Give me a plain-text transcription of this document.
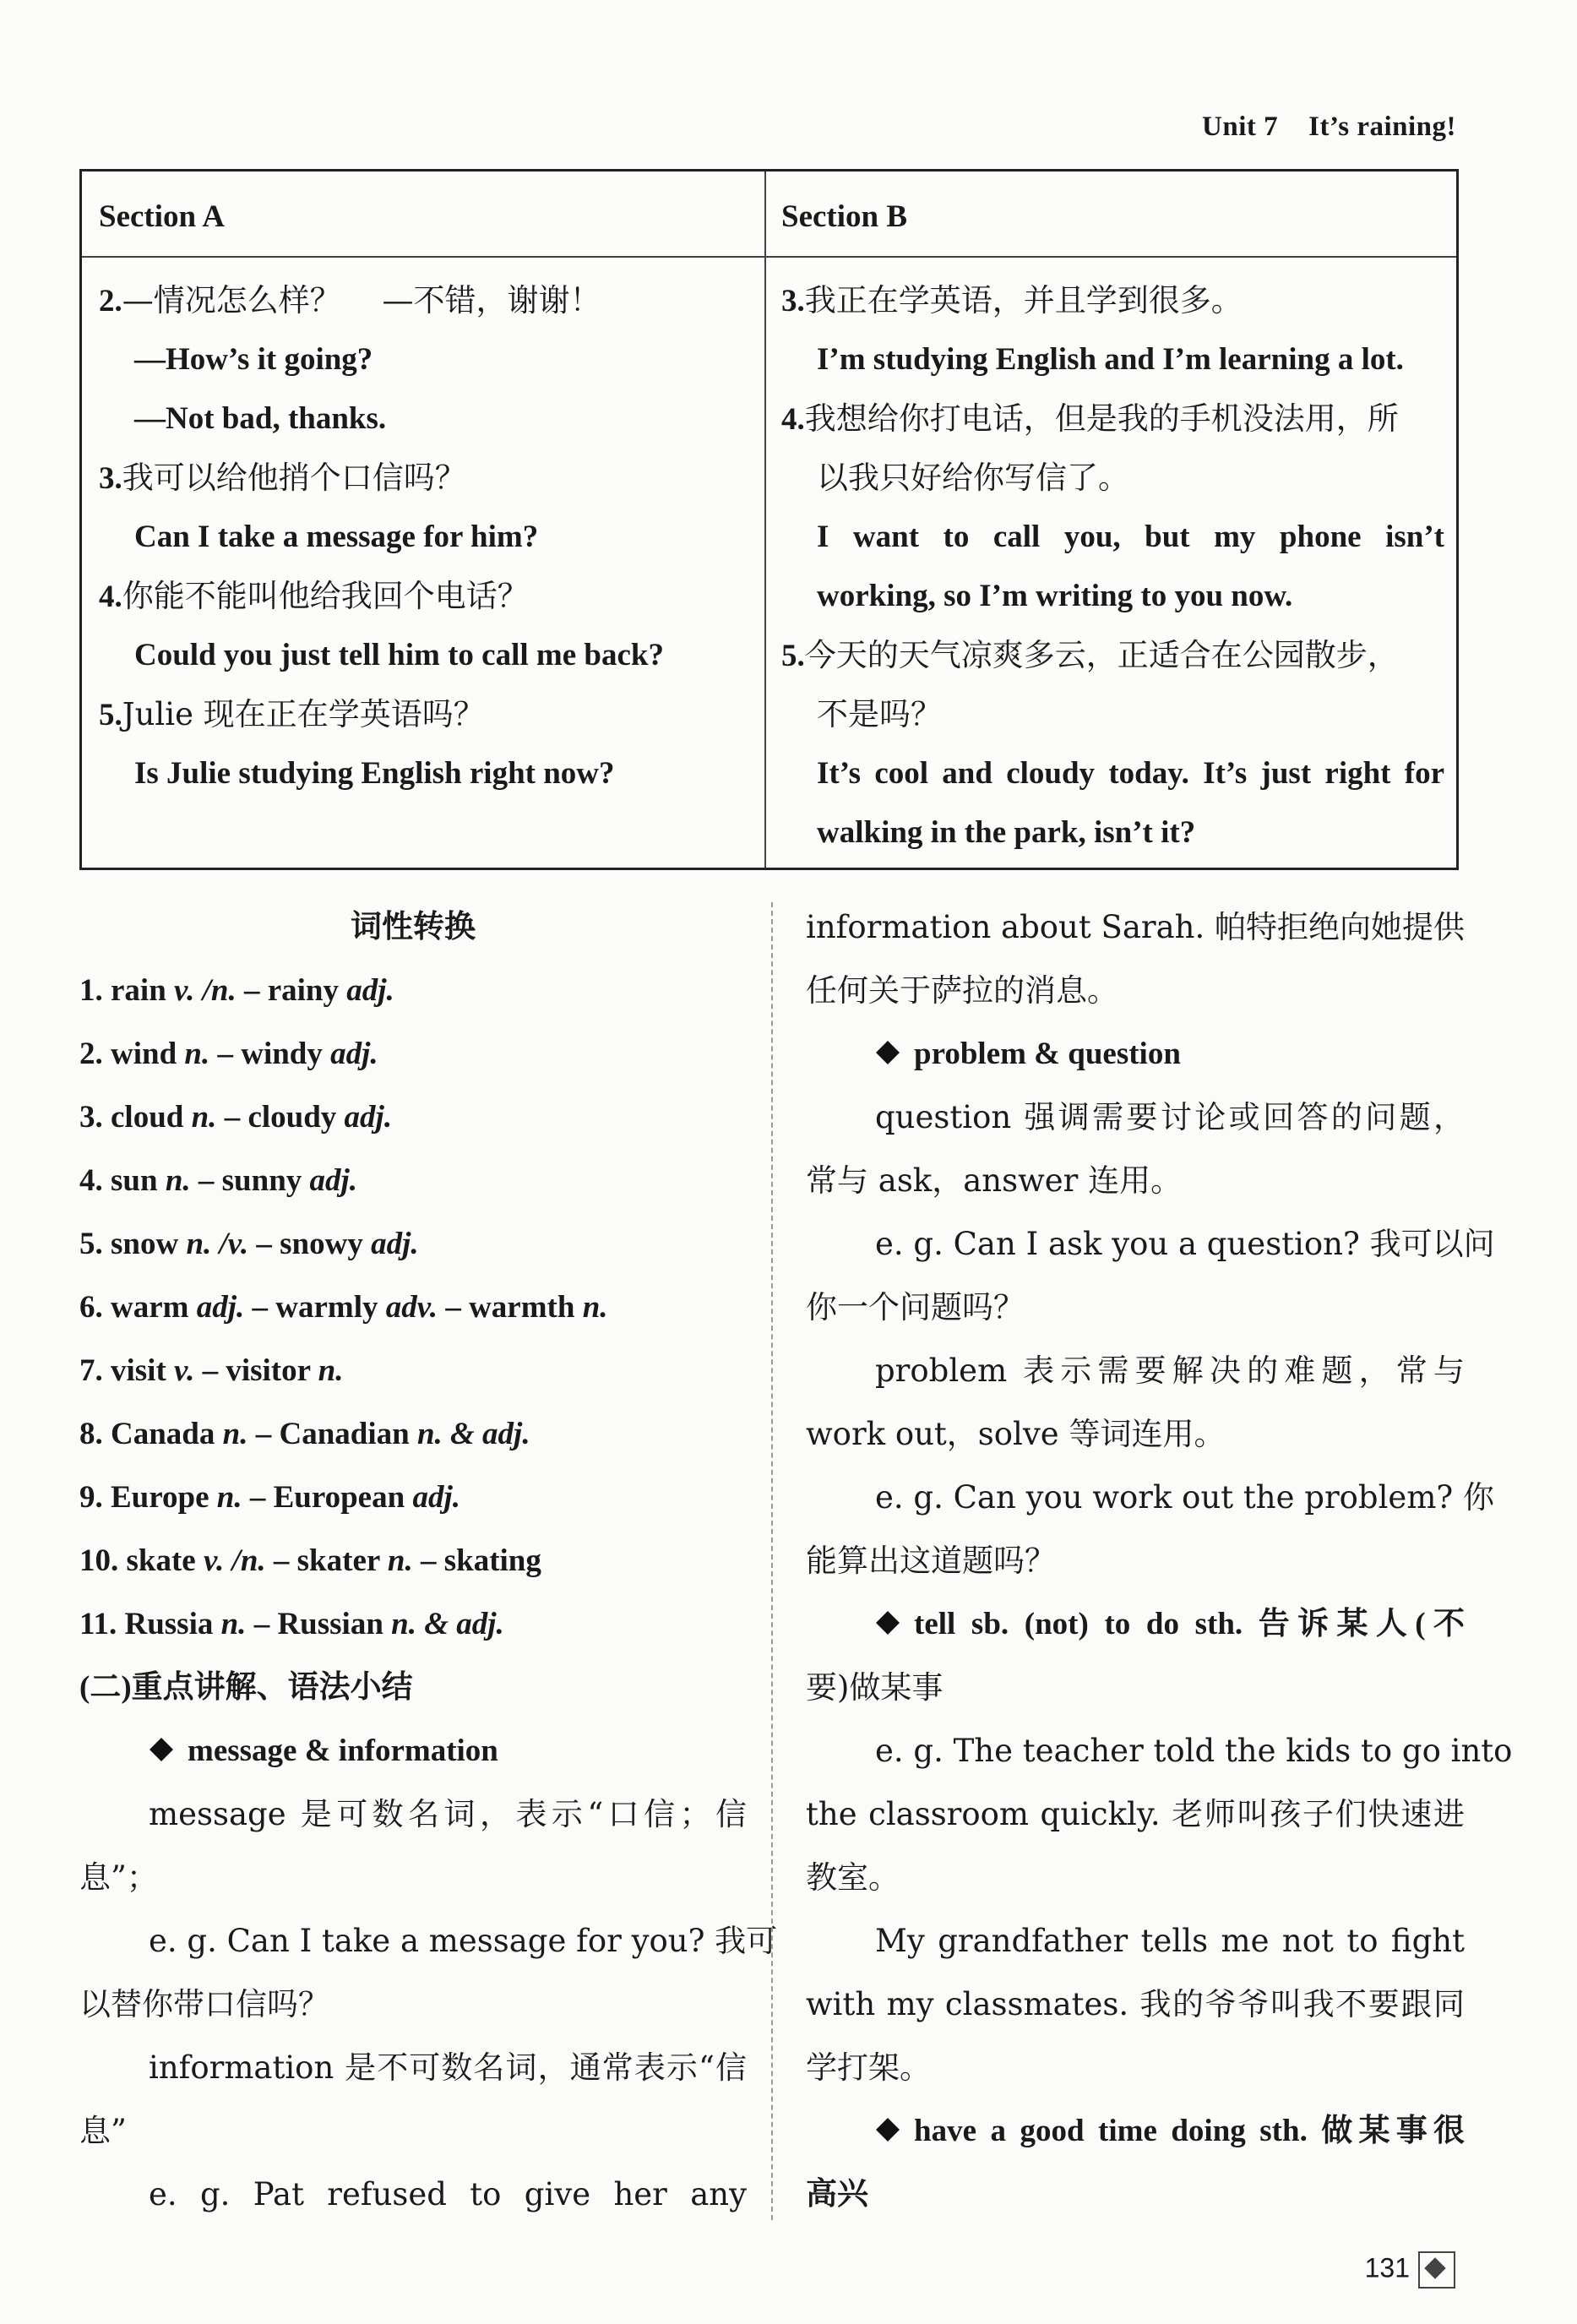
Unit 7 It’s raining!
Section A	Section B
2.—情况怎么样？　 —不错，谢谢！
—How’s it going?
—Not bad, thanks.
3.我可以给他捎个口信吗？
Can I take a message for him?
4.你能不能叫他给我回个电话？
Could you just tell him to call me back?
5.Julie 现在正在学英语吗？
Is Julie studying English right now?
3.我正在学英语，并且学到很多。
I’m studying English and I’m learning a lot.
4.我想给你打电话，但是我的手机没法用，所
以我只好给你写信了。
I want to call you, but my phone isn’t
working, so I’m writing to you now.
5.今天的天气凉爽多云，正适合在公园散步，
不是吗？
It’s cool and cloudy today. It’s just right for
walking in the park, isn’t it?
词性转换
1. rain v. /n. – rainy adj.
2. wind n. – windy adj.
3. cloud n. – cloudy adj.
4. sun n. – sunny adj.
5. snow n. /v. – snowy adj.
6. warm adj. – warmly adv. – warmth n.
7. visit v. – visitor n.
8. Canada n. – Canadian n. & adj.
9. Europe n. – European adj.
10. skate v. /n. – skater n. – skating
11. Russia n. – Russian n. & adj.
(二)重点讲解、语法小结
message & information
message 是可数名词，表示“口信；信
息”；
e. g. Can I take a message for you? 我可
以替你带口信吗？
information 是不可数名词，通常表示“信
息”
e. g. Pat refused to give her any
information about Sarah. 帕特拒绝向她提供
任何关于萨拉的消息。
problem & question
question 强调需要讨论或回答的问题，
常与 ask，answer 连用。
e. g. Can I ask you a question? 我可以问
你一个问题吗？
problem 表示需要解决的难题，常与
work out，solve 等词连用。
e. g. Can you work out the problem? 你
能算出这道题吗？
tell sb. (not) to do sth. 告诉某人(不
要)做某事
e. g. The teacher told the kids to go into
the classroom quickly. 老师叫孩子们快速进
教室。
My grandfather tells me not to fight
with my classmates. 我的爷爷叫我不要跟同
学打架。
have a good time doing sth. 做某事很
高兴
131
